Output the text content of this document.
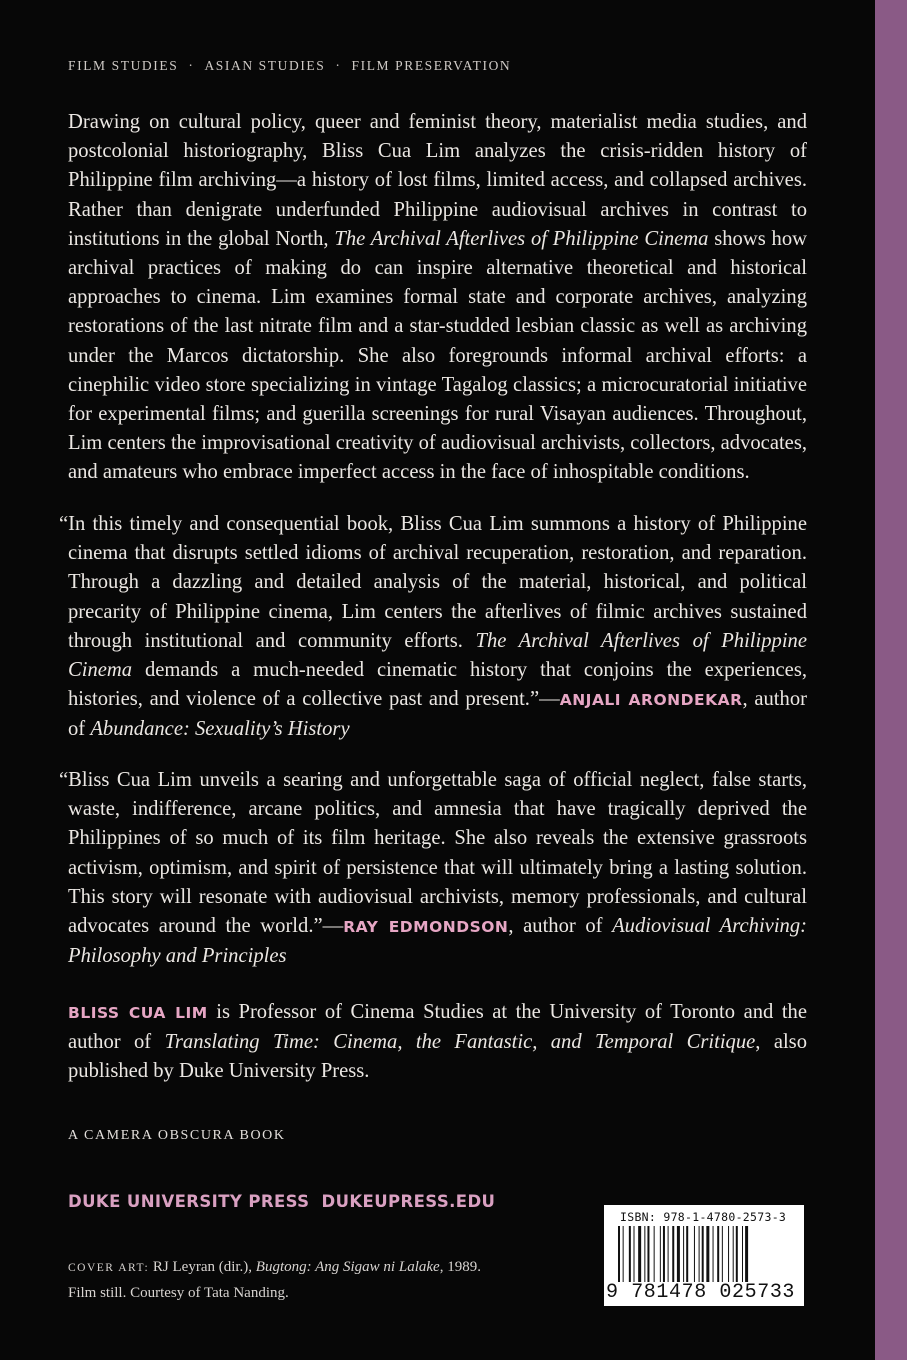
FILM STUDIES · ASIAN STUDIES · FILM PRESERVATION
Drawing on cultural policy, queer and feminist theory, materialist media studies, and postcolonial historiography, Bliss Cua Lim analyzes the crisis-ridden history of Philippine film archiving—a history of lost films, limited access, and collapsed archives. Rather than denigrate underfunded Philippine audiovisual archives in contrast to institutions in the global North, The Archival Afterlives of Philippine Cinema shows how archival practices of making do can inspire alternative theoretical and historical approaches to cinema. Lim examines formal state and corporate archives, analyzing restorations of the last nitrate film and a star-studded lesbian classic as well as archiving under the Marcos dictatorship. She also foregrounds informal archival efforts: a cinephilic video store specializing in vintage Tagalog classics; a microcuratorial initiative for experimental films; and guerilla screenings for rural Visayan audiences. Throughout, Lim centers the improvisational creativity of audiovisual archivists, collectors, advocates, and amateurs who embrace imperfect access in the face of inhospitable conditions.
“In this timely and consequential book, Bliss Cua Lim summons a history of Philippine cinema that disrupts settled idioms of archival recuperation, restoration, and reparation. Through a dazzling and detailed analysis of the material, historical, and political precarity of Philippine cinema, Lim centers the afterlives of filmic archives sustained through institutional and community efforts. The Archival Afterlives of Philippine Cinema demands a much-needed cinematic history that conjoins the experiences, histories, and violence of a collective past and present.”—ANJALI ARONDEKAR, author of Abundance: Sexuality’s History
“Bliss Cua Lim unveils a searing and unforgettable saga of official neglect, false starts, waste, indifference, arcane politics, and amnesia that have tragically deprived the Philippines of so much of its film heritage. She also reveals the extensive grassroots activism, optimism, and spirit of persistence that will ultimately bring a lasting solution. This story will resonate with audiovisual archivists, memory professionals, and cultural advocates around the world.”—RAY EDMONDSON, author of Audiovisual Archiving: Philosophy and Principles
BLISS CUA LIM is Professor of Cinema Studies at the University of Toronto and the author of Translating Time: Cinema, the Fantastic, and Temporal Critique, also published by Duke University Press.
A CAMERA OBSCURA BOOK
DUKE UNIVERSITY PRESS DUKEUPRESS.EDU
COVER ART: RJ Leyran (dir.), Bugtong: Ang Sigaw ni Lalake, 1989. Film still. Courtesy of Tata Nanding.
ISBN: 978-1-4780-2573-3
9 781478 025733
